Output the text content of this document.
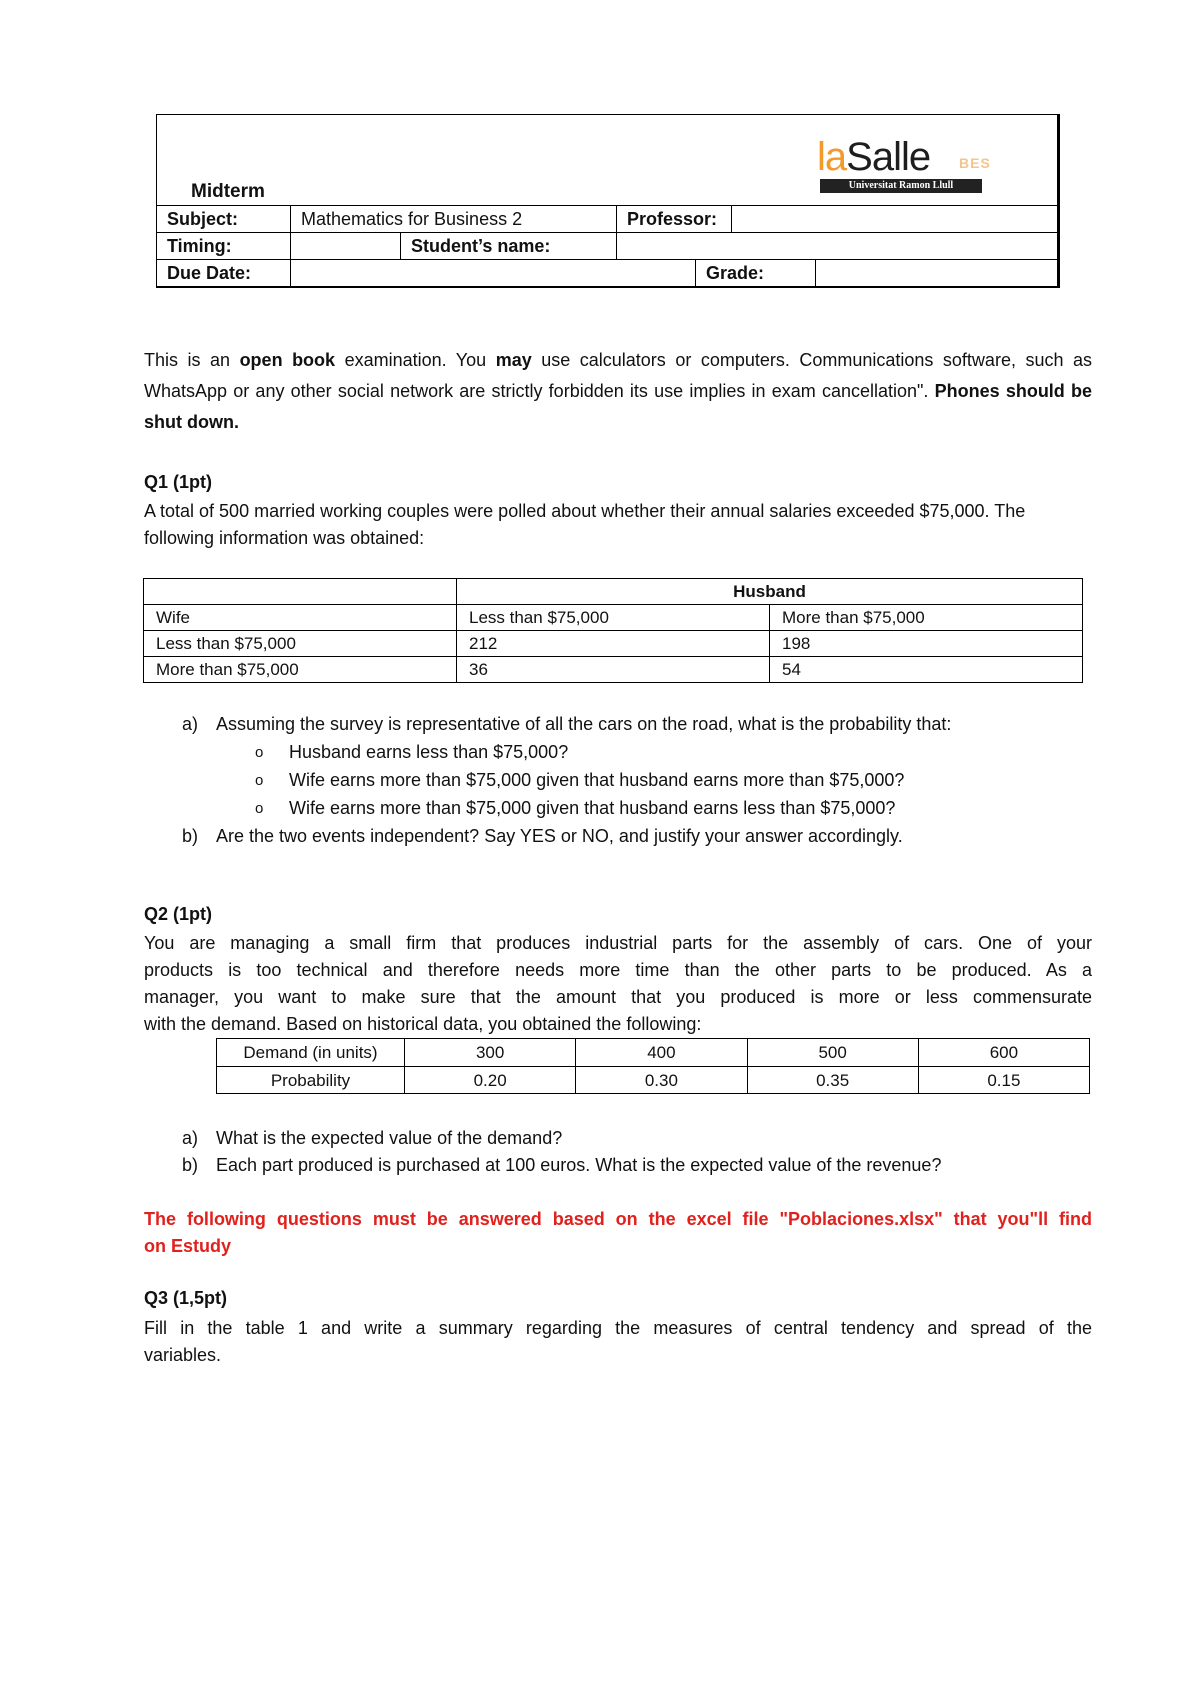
Midterm
laSalle BES
Universitat Ramon Llull
Subject:	Mathematics for Business 2	Professor:
Timing:	Student’s name:
Due Date:	Grade:
This is an open book examination. You may use calculators or computers. Communications software, such as WhatsApp or any other social network are strictly forbidden its use implies in exam cancellation". Phones should be shut down.
Q1 (1pt)
A total of 500 married working couples were polled about whether their annual salaries exceeded $75,000. The following information was obtained:
	Husband	
Wife	Less than $75,000	More than $75,000
Less than $75,000	212	198
More than $75,000	36	54
a) Assuming the survey is representative of all the cars on the road, what is the probability that:
o Husband earns less than $75,000?
o Wife earns more than $75,000 given that husband earns more than $75,000?
o Wife earns more than $75,000 given that husband earns less than $75,000?
b) Are the two events independent? Say YES or NO, and justify your answer accordingly.
Q2 (1pt)
You are managing a small firm that produces industrial parts for the assembly of cars. One of your
products is too technical and therefore needs more time than the other parts to be produced. As a
manager, you want to make sure that the amount that you produced is more or less commensurate
with the demand. Based on historical data, you obtained the following:
Demand (in units)	300	400	500	600
Probability	0.20	0.30	0.35	0.15
a) What is the expected value of the demand?
b) Each part produced is purchased at 100 euros. What is the expected value of the revenue?
The following questions must be answered based on the excel file "Poblaciones.xlsx" that you"ll find
on Estudy
Q3 (1,5pt)
Fill in the table 1 and write a summary regarding the measures of central tendency and spread of the
variables.
